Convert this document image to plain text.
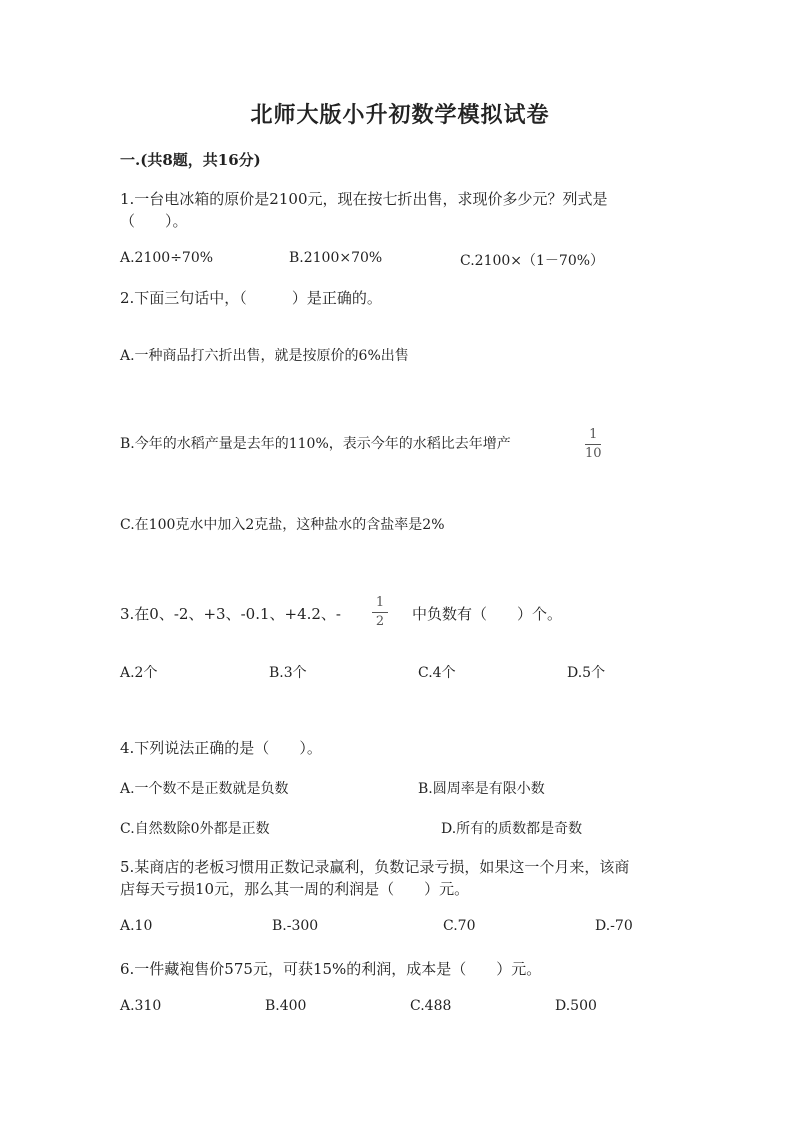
北师大版小升初数学模拟试卷
一.(共8题，共16分)
1.一台电冰箱的原价是2100元，现在按七折出售，求现价多少元？列式是
（　　）。
A.2100÷70%	B.2100×70%	C.2100×（1－70%）
2.下面三句话中，（　　　）是正确的。
A.一种商品打六折出售，就是按原价的6%出售
B.今年的水稻产量是去年的110%，表示今年的水稻比去年增产
1
10
C.在100克水中加入2克盐，这种盐水的含盐率是2%
3.在0、-2、+3、-0.1、+4.2、-
1
2 中负数有（　　）个。
A.2个	B.3个	C.4个	D.5个
4.下列说法正确的是（　　）。
A.一个数不是正数就是负数	B.圆周率是有限小数
C.自然数除0外都是正数	D.所有的质数都是奇数
5.某商店的老板习惯用正数记录赢利，负数记录亏损，如果这一个月来，该商
店每天亏损10元，那么其一周的利润是（　　）元。
A.10	B.-300	C.70	D.-70
6.一件藏袍售价575元，可获15%的利润，成本是（　　）元。
A.310	B.400	C.488	D.500
